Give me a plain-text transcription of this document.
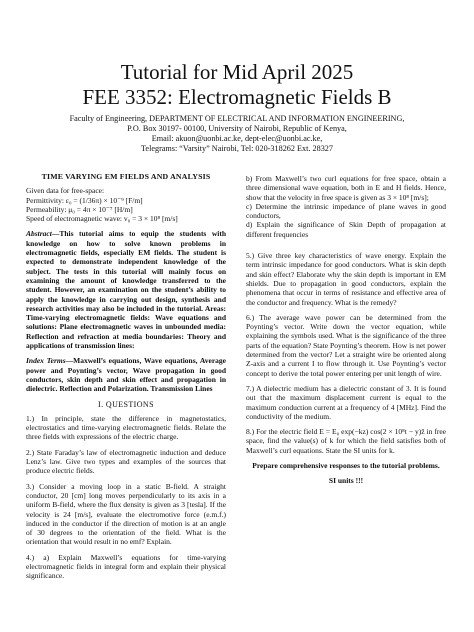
Tutorial for Mid April 2025
FEE 3352: Electromagnetic Fields B
Faculty of Engineering, DEPARTMENT OF ELECTRICAL AND INFORMATION ENGINEERING,
P.O. Box 30197- 00100, University of Nairobi, Republic of Kenya,
Email: akuon@uonbi.ac.ke, dept-elec@uonbi.ac.ke,
Telegrams: “Varsity” Nairobi, Tel: 020-318262 Ext. 28327

TIME VARYING EM FIELDS AND ANALYSIS

Given data for free-space:

Permittivity: ε₀ = (1/36π) × 10⁻⁹ [F/m]

Permeability: μ₀ = 4π × 10⁻⁷ [H/m]

Speed of electromagnetic wave: v₀ = 3 × 10⁸ [m/s]

Abstract—This tutorial aims to equip the students with knowledge on how to solve known problems in electromagnetic fields, especially EM fields. The student is expected to demonstrate independent knowledge of the subject. The tests in this tutorial will mainly focus on examining the amount of knowledge transferred to the student. However, an examination on the student’s ability to apply the knowledge in carrying out design, synthesis and research activities may also be included in the tutorial. Areas: Time-varying electromagnetic fields: Wave equations and solutions: Plane electromagnetic waves in unbounded media: Reflection and refraction at media boundaries: Theory and applications of transmission lines:

Index Terms—Maxwell’s equations, Wave equations, Average power and Poynting’s vector, Wave propagation in good conductors, skin depth and skin effect and propagation in dielectric. Reflection and Polarization. Transmission Lines

I. QUESTIONS

1.) In principle, state the difference in magnetostatics, electrostatics and time-varying electromagnetic fields. Relate the three fields with expressions of the electric charge.

2.) State Faraday’s law of electromagnetic induction and deduce Lenz’s law. Give two types and examples of the sources that produce electric fields.

3.) Consider a moving loop in a static B-field. A straight conductor, 20 [cm] long moves perpendicularly to its axis in a uniform B-field, where the flux density is given as 3 [tesla]. If the velocity is 24 [m/s], evaluate the electromotive force (e.m.f.) induced in the conductor if the direction of motion is at an angle of 30 degrees to the orientation of the field. What is the orientation that would result in no emf? Explain.

4.) a) Explain Maxwell’s equations for time-varying electromagnetic fields in integral form and explain their physical significance.

b) From Maxwell’s two curl equations for free space, obtain a three dimensional wave equation, both in E and H fields. Hence, show that the velocity in free space is given as 3 × 10⁸ [m/s];

c) Determine the intrinsic impedance of plane waves in good conductors,

d) Explain the significance of Skin Depth of propagation at different frequencies

5.) Give three key characteristics of wave energy. Explain the term intrinsic impedance for good conductors. What is skin depth and skin effect? Elaborate why the skin depth is important in EM shields. Due to propagation in good conductors, explain the phenomena that occur in terms of resistance and effective area of the conductor and frequency. What is the remedy?

6.) The average wave power can be determined from the Poynting’s vector. Write down the vector equation, while explaining the symbols used. What is the significance of the three parts of the equation? State Poynting’s theorem. How is net power determined from the vector? Let a straight wire be oriented along Z-axis and a current I to flow through it. Use Poynting’s vector concept to derive the total power entering per unit length of wire.

7.) A dielectric medium has a dielectric constant of 3. It is found out that the maximum displacement current is equal to the maximum conduction current at a frequency of 4 [MHz]. Find the conductivity of the medium.

8.) For the electric field E = E₀ exp(−kz) cos(2 × 10⁸t − y)ẑ in free space, find the value(s) of k for which the field satisfies both of Maxwell’s curl equations. State the SI units for k.

Prepare comprehensive responses to the tutorial problems.

SI units !!!
